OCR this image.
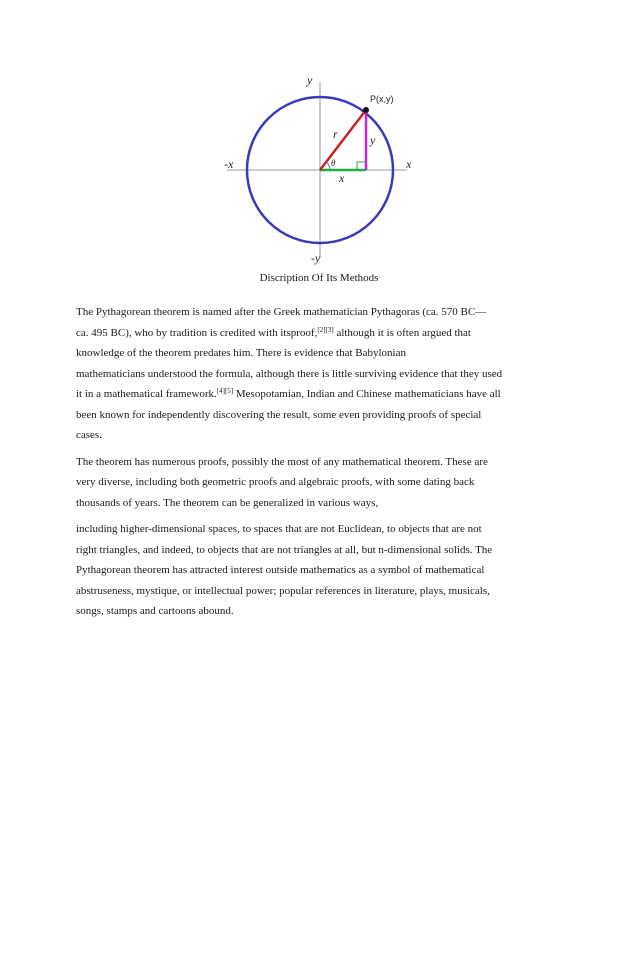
y
-y
x
-x
P(x,y)
r	y
x
θ
Discription Of Its Methods
The Pythagorean theorem is named after the Greek mathematician Pythagoras (ca. 570 BC—
ca. 495 BC), who by tradition is credited with itsproof,[2][3] although it is often argued that
knowledge of the theorem predates him. There is evidence that Babylonian
mathematicians understood the formula, although there is little surviving evidence that they used
it in a mathematical framework.[4][5] Mesopotamian, Indian and Chinese mathematicians have all
been known for independently discovering the result, some even providing proofs of special
cases.
The theorem has numerous proofs, possibly the most of any mathematical theorem. These are
very diverse, including both geometric proofs and algebraic proofs, with some dating back
thousands of years. The theorem can be generalized in various ways,
including higher-dimensional spaces, to spaces that are not Euclidean, to objects that are not
right triangles, and indeed, to objects that are not triangles at all, but n-dimensional solids. The
Pythagorean theorem has attracted interest outside mathematics as a symbol of mathematical
abstruseness, mystique, or intellectual power; popular references in literature, plays, musicals,
songs, stamps and cartoons abound.
